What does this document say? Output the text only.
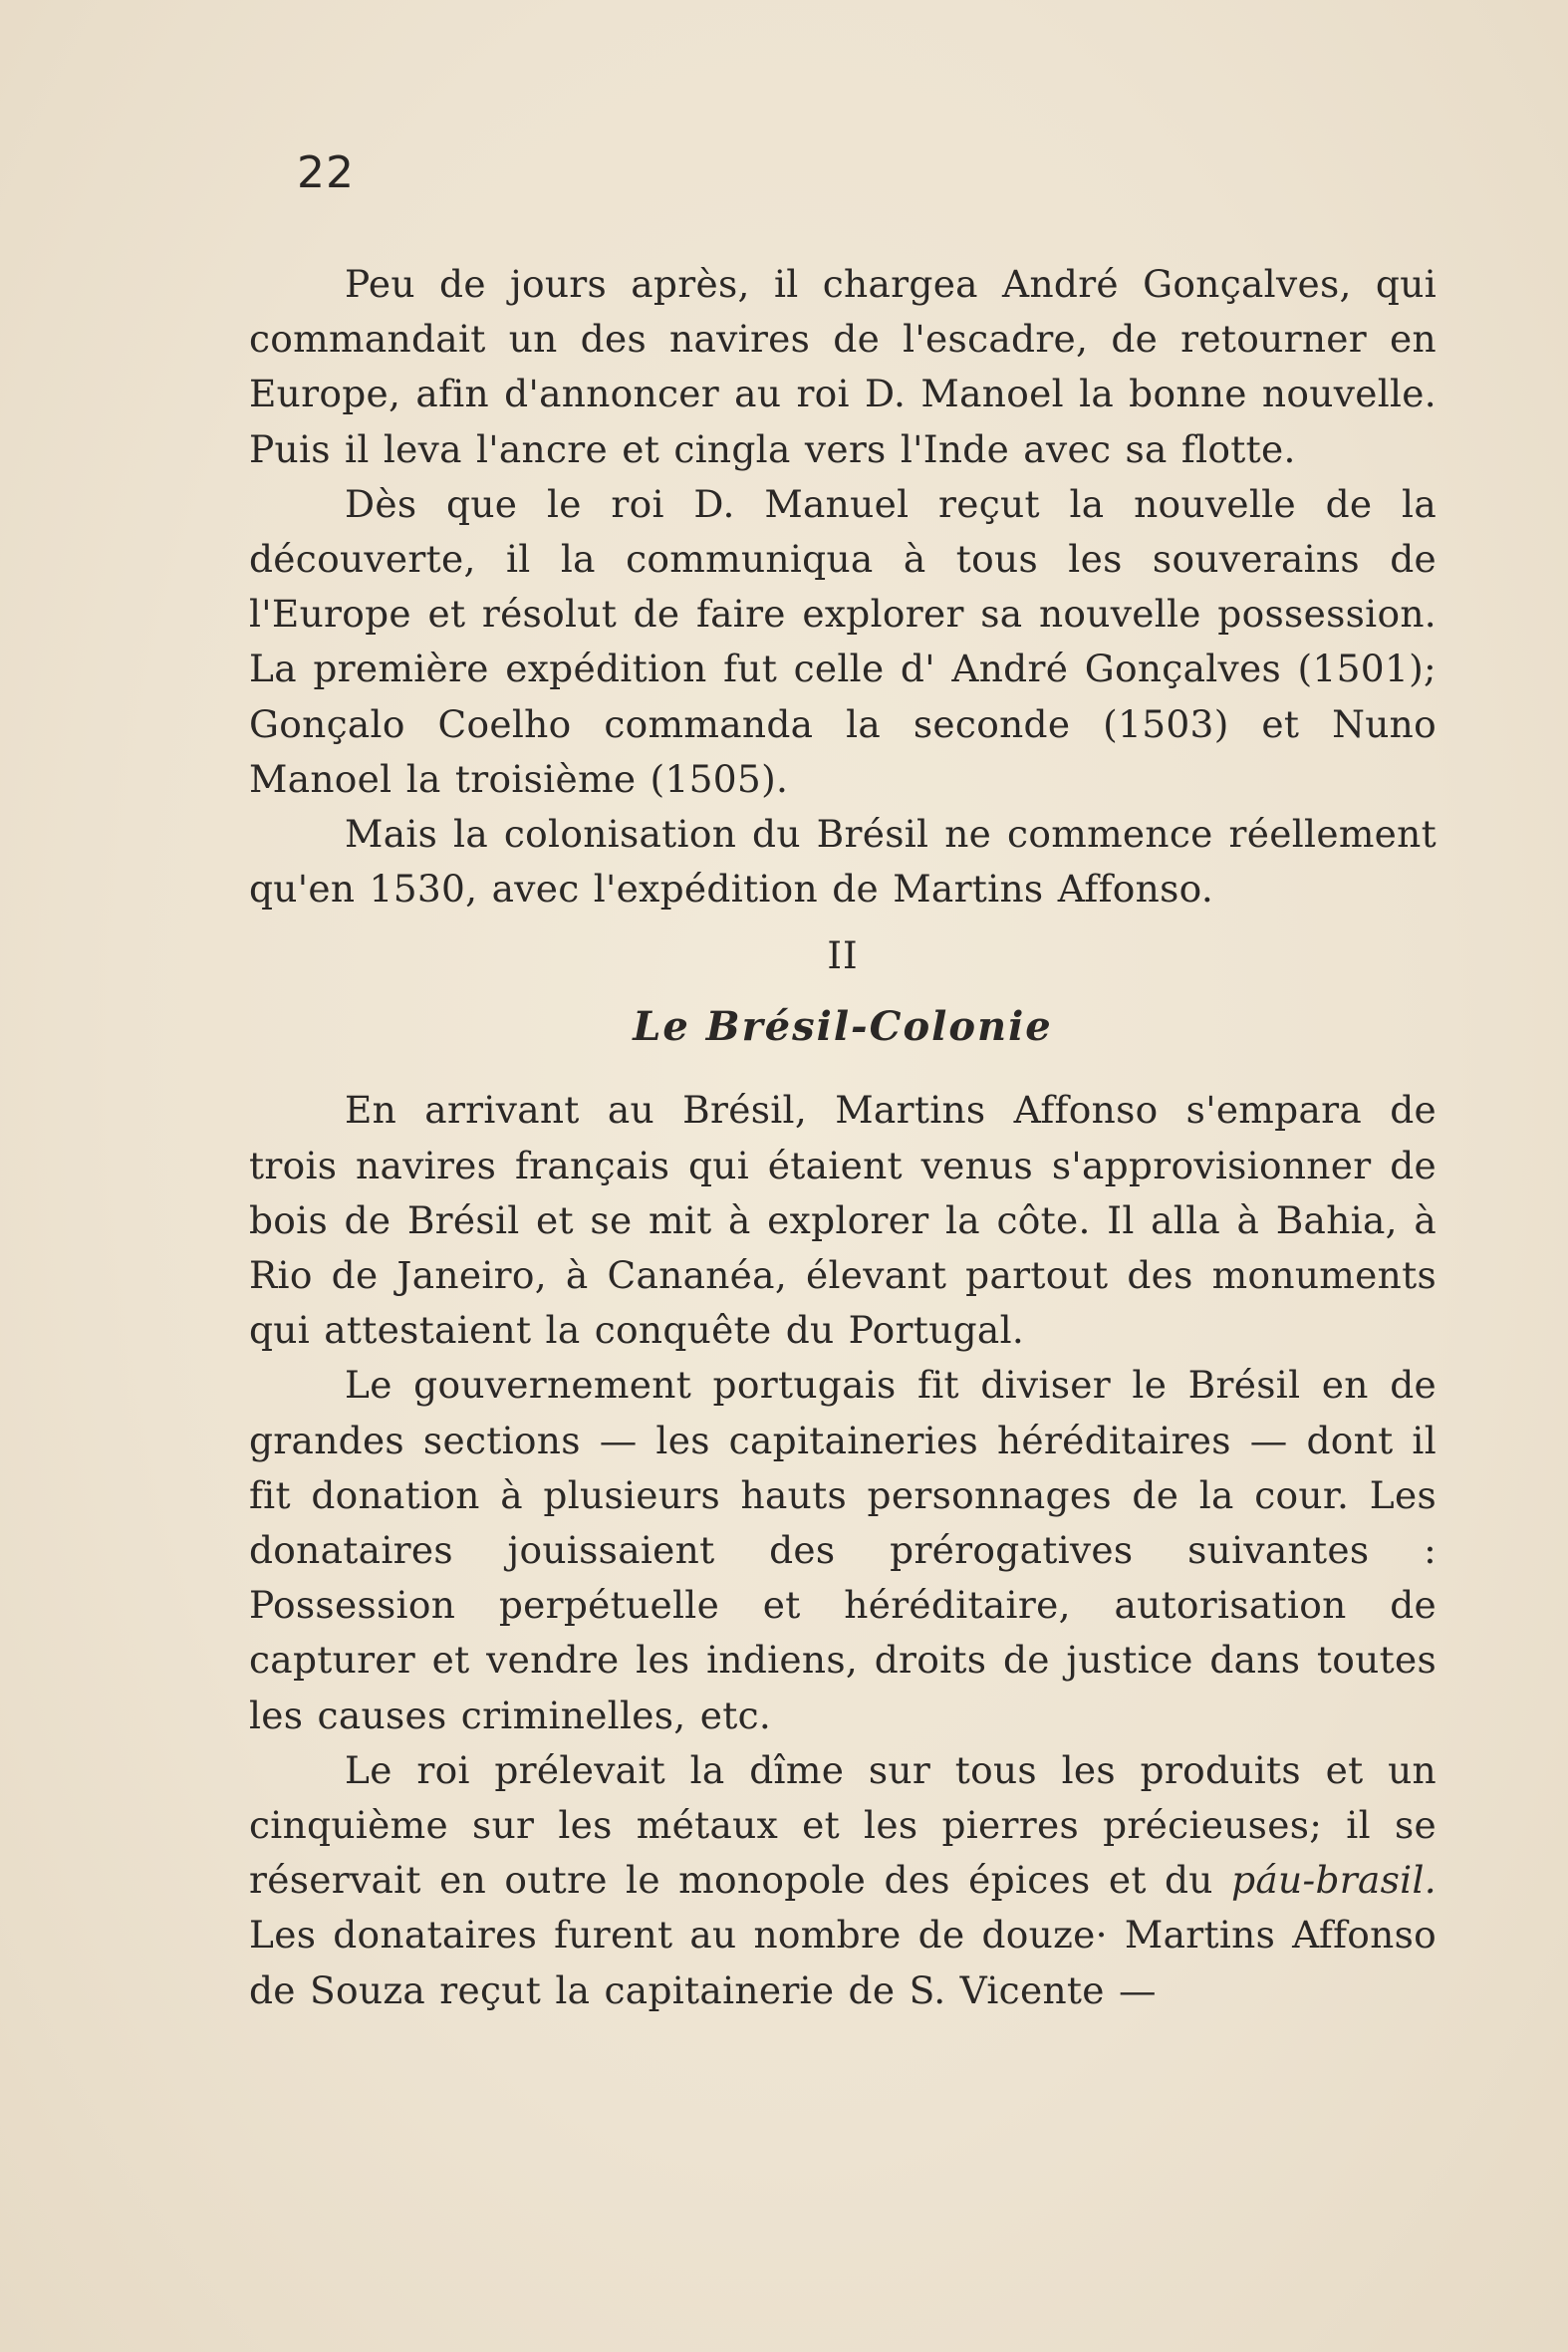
22

Peu de jours après, il chargea André Gonçalves, qui commandait un des navires de l'escadre, de retourner en Europe, afin d'annoncer au roi D. Manoel la bonne nouvelle. Puis il leva l'ancre et cingla vers l'Inde avec sa flotte.

Dès que le roi D. Manuel reçut la nouvelle de la découverte, il la communiqua à tous les souverains de l'Europe et résolut de faire explorer sa nouvelle possession. La première expédition fut celle d' André Gonçalves (1501); Gonçalo Coelho commanda la seconde (1503) et Nuno Manoel la troisième (1505).

Mais la colonisation du Brésil ne commence réellement qu'en 1530, avec l'expédition de Martins Affonso.

II
Le Brésil-Colonie

En arrivant au Brésil, Martins Affonso s'empara de trois navires français qui étaient venus s'approvisionner de bois de Brésil et se mit à explorer la côte. Il alla à Bahia, à Rio de Janeiro, à Cananéa, élevant partout des monuments qui attestaient la conquête du Portugal.

Le gouvernement portugais fit diviser le Brésil en de grandes sections — les capitaineries héréditaires — dont il fit donation à plusieurs hauts personnages de la cour. Les donataires jouissaient des prérogatives suivantes : Possession perpétuelle et héréditaire, autorisation de capturer et vendre les indiens, droits de justice dans toutes les causes criminelles, etc.

Le roi prélevait la dîme sur tous les produits et un cinquième sur les métaux et les pierres précieuses; il se réservait en outre le monopole des épices et du páu-brasil. Les donataires furent au nombre de douze· Martins Affonso de Souza reçut la capitainerie de S. Vicente —
